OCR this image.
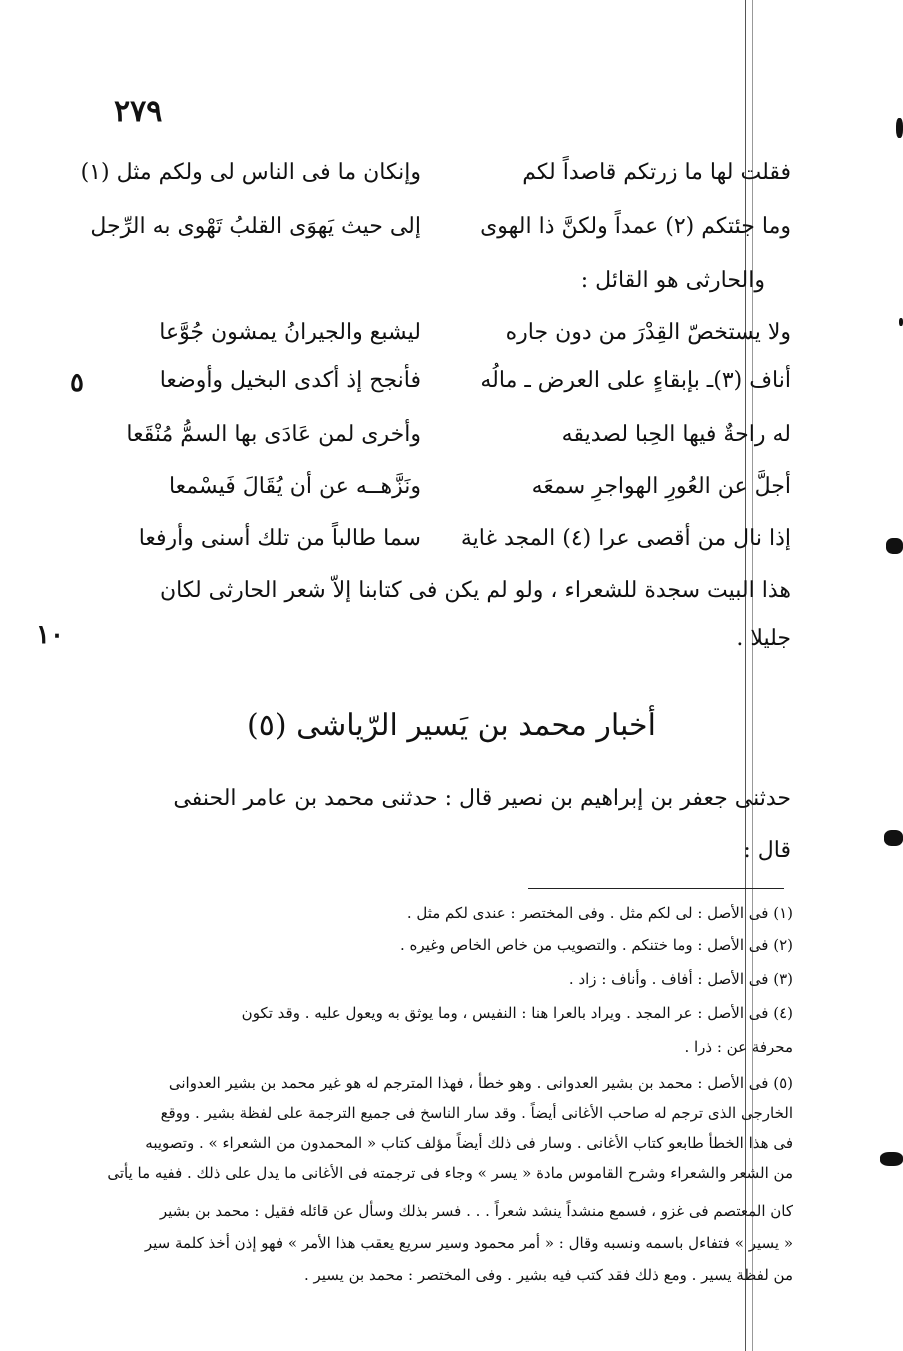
٢٧٩
٥
١٠
فقلت لها ما زرتكم قاصداً لكم
وإنكان ما فى الناس لى ولكم مثل (١)
وما جئتكم (٢) عمداً ولكنَّ ذا الهوى
إلى حيث يَهوَى القلبُ تَهْوى به الرِّجل
والحارثى هو القائل :
ولا يستخصّ القِدْرَ من دون جاره
ليشبع والجيرانُ يمشون جُوَّعا
أناف (٣)ـ بإبقاءٍ على العرض ـ مالُه
فأنجح إذ أكدى البخيل وأوضعا
له راحةٌ فيها الحِبا لصديقه
وأخرى لمن عَادَى بها السمُّ مُنْقَعا
أجلَّ عن العُورِ الهواجرِ سمعَه
ونَزَّهــه عن أن يُقَالَ فَيسْمعا
إذا نال من أقصى عرا (٤) المجد غاية
سما طالباً من تلك أسنى وأرفعا
هذا البيت سجدة للشعراء ، ولو لم يكن فى كتابنا إلاّ شعر الحارثى لكان
جليلا .
أخبار محمد بن يَسير الرّياشى (٥)
حدثنى جعفر بن إبراهيم بن نصير قال : حدثنى محمد بن عامر الحنفى
قال :
(١) فى الأصل : لى لكم مثل . وفى المختصر : عندى لكم مثل .
(٢) فى الأصل : وما ختنكم . والتصويب من خاص الخاص وغيره .
(٣) فى الأصل : أفاف . وأناف : زاد .
(٤) فى الأصل : عر المجد . ويراد بالعرا هنا : النفيس ، وما يوثق به ويعول عليه . وقد تكون
محرفة عن : ذرا .
(٥) فى الأصل : محمد بن بشير العدوانى . وهو خطأ ، فهذا المترجم له هو غير محمد بن بشير العدوانى
الخارجى الذى ترجم له صاحب الأغانى أيضاً . وقد سار الناسخ فى جميع الترجمة على لفظة بشير . ووقع
فى هذا الخطأ طابعو كتاب الأغانى . وسار فى ذلك أيضاً مؤلف كتاب « المحمدون من الشعراء » . وتصويبه
من الشعر والشعراء وشرح القاموس مادة « يسر » وجاء فى ترجمته فى الأغانى ما يدل على ذلك . ففيه ما يأتى
كان المعتصم فى غزو ، فسمع منشداً ينشد شعراً . . . فسر بذلك وسأل عن قائله فقيل : محمد بن بشير
« يسير » فتفاءل باسمه ونسبه وقال : « أمر محمود وسير سريع يعقب هذا الأمر » فهو إذن أخذ كلمة سير
من لفظة يسير . ومع ذلك فقد كتب فيه بشير . وفى المختصر : محمد بن يسير .
